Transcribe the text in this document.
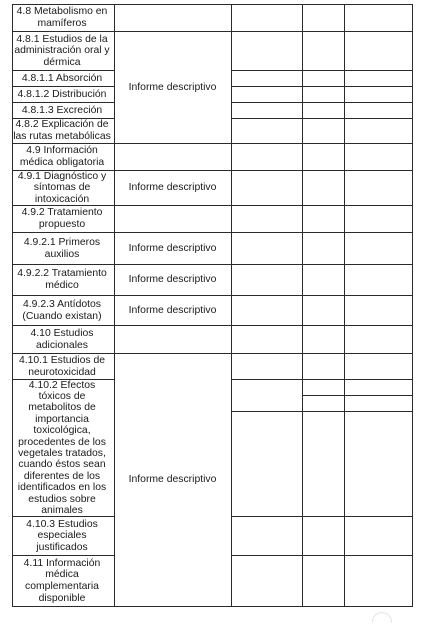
4.8 Metabolismo en mamíferos
4.8.1 Estudios de la administración oral y dérmica
4.8.1.1 Absorción
4.8.1.2 Distribución
4.8.1.3 Excreción
4.8.2 Explicación de las rutas metabólicas
4.9 Información médica obligatoria
4.9.1 Diagnóstico y síntomas de intoxicación
4.9.2 Tratamiento propuesto
4.9.2.1 Primeros auxilios
4.9.2.2 Tratamiento médico
4.9.2.3 Antídotos (Cuando existan)
4.10 Estudios adicionales
4.10.1 Estudios de neurotoxicidad
4.10.2 Efectos tóxicos de metabolitos de importancia toxicológica, procedentes de los vegetales tratados, cuando éstos sean diferentes de los identificados en los estudios sobre animales
4.10.3 Estudios especiales justificados
4.11 Información médica complementaria disponible
Informe descriptivo
Informe descriptivo
Informe descriptivo
Informe descriptivo
Informe descriptivo
Informe descriptivo
